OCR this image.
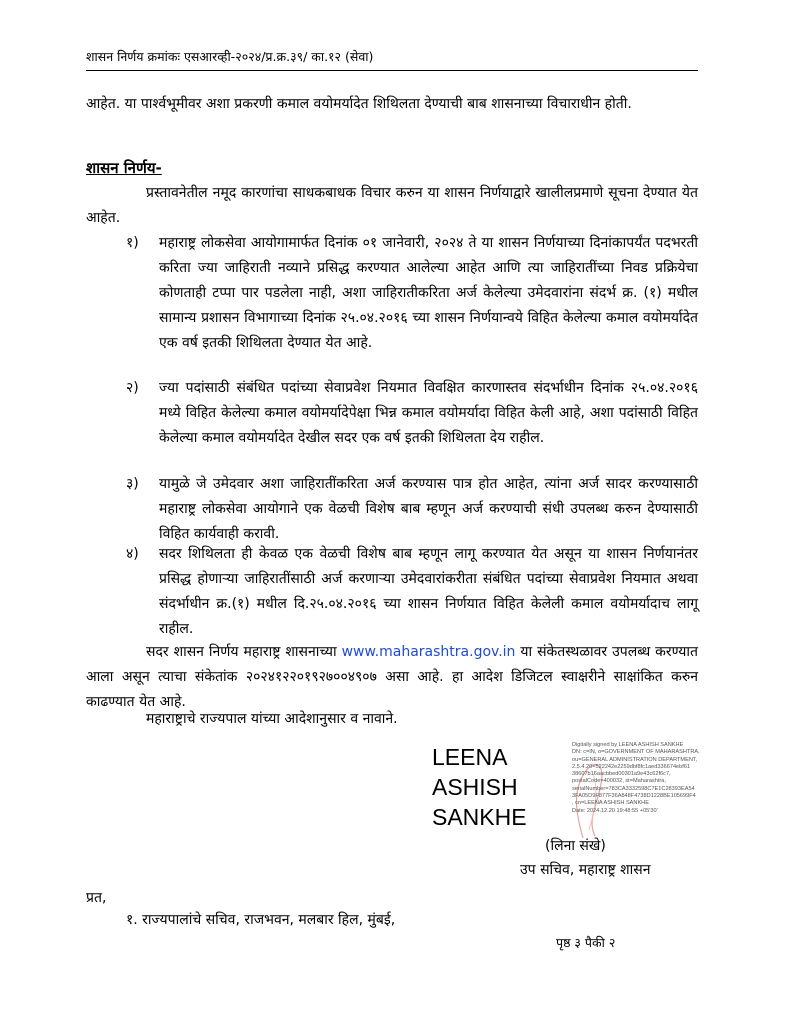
शासन निर्णय क्रमांकः एसआरव्ही-२०२४/प्र.क्र.३९/ का.१२ (सेवा)
आहेत. या पार्श्वभूमीवर अशा प्रकरणी कमाल वयोमर्यादेत शिथिलता देण्याची बाब शासनाच्या विचाराधीन होती.
शासन निर्णय-
प्रस्तावनेतील नमूद कारणांचा साधकबाधक विचार करुन या शासन निर्णयाद्वारे खालीलप्रमाणे सूचना देण्यात येत आहेत.
१)	महाराष्ट्र लोकसेवा आयोगामार्फत दिनांक ०१ जानेवारी, २०२४ ते या शासन निर्णयाच्या दिनांकापर्यंत पदभरती करिता ज्या जाहिराती नव्याने प्रसिद्ध करण्यात आलेल्या आहेत आणि त्या जाहिरातींच्या निवड प्रक्रियेचा कोणताही टप्पा पार पडलेला नाही, अशा जाहिरातीकरिता अर्ज केलेल्या उमेदवारांना संदर्भ क्र. (१) मधील सामान्य प्रशासन विभागाच्या दिनांक २५.०४.२०१६ च्या शासन निर्णयान्वये विहित केलेल्या कमाल वयोमर्यादेत एक वर्ष इतकी शिथिलता देण्यात येत आहे.
२)	ज्या पदांसाठी संबंधित पदांच्या सेवाप्रवेश नियमात विवक्षित कारणास्तव संदर्भाधीन दिनांक २५.०४.२०१६ मध्ये विहित केलेल्या कमाल वयोमर्यादेपेक्षा भिन्न कमाल वयोमर्यादा विहित केली आहे, अशा पदांसाठी विहित केलेल्या कमाल वयोमर्यादेत देखील सदर एक वर्ष इतकी शिथिलता देय राहील.
३)	यामुळे जे उमेदवार अशा जाहिरातींकरिता अर्ज करण्यास पात्र होत आहेत, त्यांना अर्ज सादर करण्यासाठी महाराष्ट्र लोकसेवा आयोगाने एक वेळची विशेष बाब म्हणून अर्ज करण्याची संधी उपलब्ध करुन देण्यासाठी विहित कार्यवाही करावी.
४)	सदर शिथिलता ही केवळ एक वेळची विशेष बाब म्हणून लागू करण्यात येत असून या शासन निर्णयानंतर प्रसिद्ध होणाऱ्या जाहिरातींसाठी अर्ज करणाऱ्या उमेदवारांकरीता संबंधित पदांच्या सेवाप्रवेश नियमात अथवा संदर्भाधीन क्र.(१) मधील दि.२५.०४.२०१६ च्या शासन निर्णयात विहित केलेली कमाल वयोमर्यादाच लागू राहील.
सदर शासन निर्णय महाराष्ट्र शासनाच्या www.maharashtra.gov.in या संकेतस्थळावर उपलब्ध करण्यात आला असून त्याचा संकेतांक २०२४१२२०१९२७००४९०७ असा आहे. हा आदेश डिजिटल स्वाक्षरीने साक्षांकित करुन काढण्यात येत आहे.
महाराष्ट्राचे राज्यपाल यांच्या आदेशानुसार व नावाने.
LEENA
ASHISH
SANKHE
Digitally signed by LEENA ASHISH SANKHE
DN: c=IN, o=GOVERNMENT OF MAHARASHTRA,
ou=GENERAL ADMINISTRATION DEPARTMENT,
2.5.4.20=522242e2259dbf8fc1aed336674ebf61
38607b16aacbbed00301a9e43c62f6c7,
postalCode=400032, st=Maharashtra,
serialNumber=783CA3332598C7E1C28393EA54
3FA05D9F877F36A848F4738D1228BE105699F4
, cn=LEENA ASHISH SANKHE
Date: 2024.12.20 19:48:55 +05'30'
(लिना संखे)
उप सचिव, महाराष्ट्र शासन
प्रत,
१. राज्यपालांचे सचिव, राजभवन, मलबार हिल, मुंबई,
पृष्ठ ३ पैकी २
